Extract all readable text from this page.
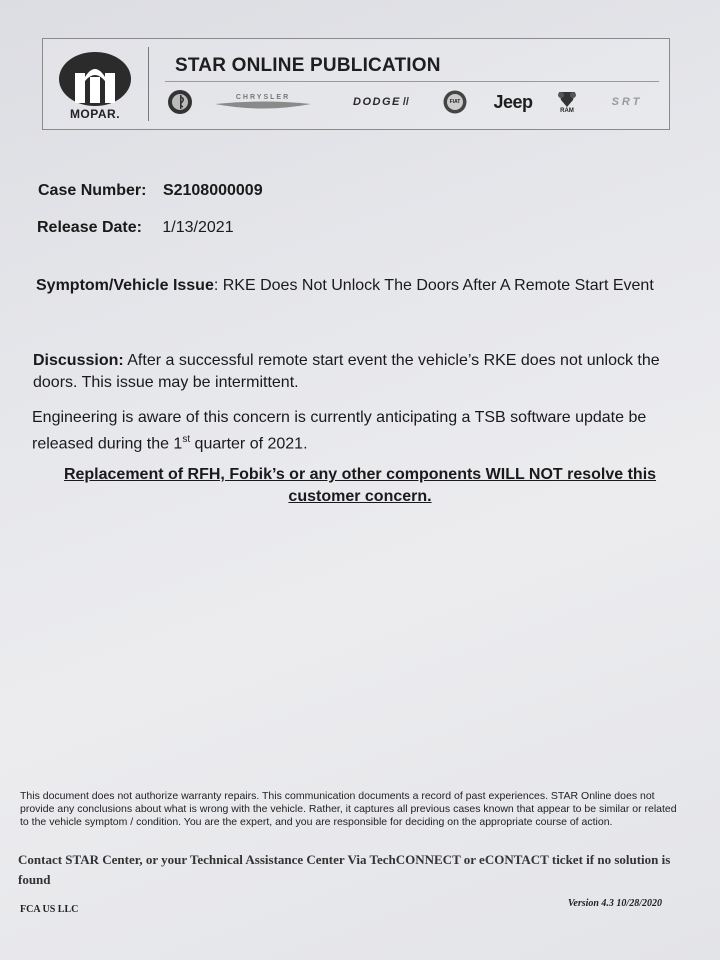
MOPAR.
STAR ONLINE PUBLICATION
CHRYSLER	DODGE //	FIAT Jeep	RAM
SRT
Case Number: S2108000009
Release Date: 1/13/2021
Symptom/Vehicle Issue: RKE Does Not Unlock The Doors After A Remote Start Event
Discussion: After a successful remote start event the vehicle’s RKE does not unlock the doors. This issue may be intermittent.
Engineering is aware of this concern is currently anticipating a TSB software update be released during the 1st quarter of 2021.
Replacement of RFH, Fobik’s or any other components WILL NOT resolve this customer concern.
This document does not authorize warranty repairs. This communication documents a record of past experiences. STAR Online does not provide any conclusions about what is wrong with the vehicle. Rather, it captures all previous cases known that appear to be similar or related to the vehicle symptom / condition. You are the expert, and you are responsible for deciding on the appropriate course of action.
Contact STAR Center, or your Technical Assistance Center Via TechCONNECT or eCONTACT ticket if no solution is found
FCA US LLC
Version 4.3 10/28/2020
